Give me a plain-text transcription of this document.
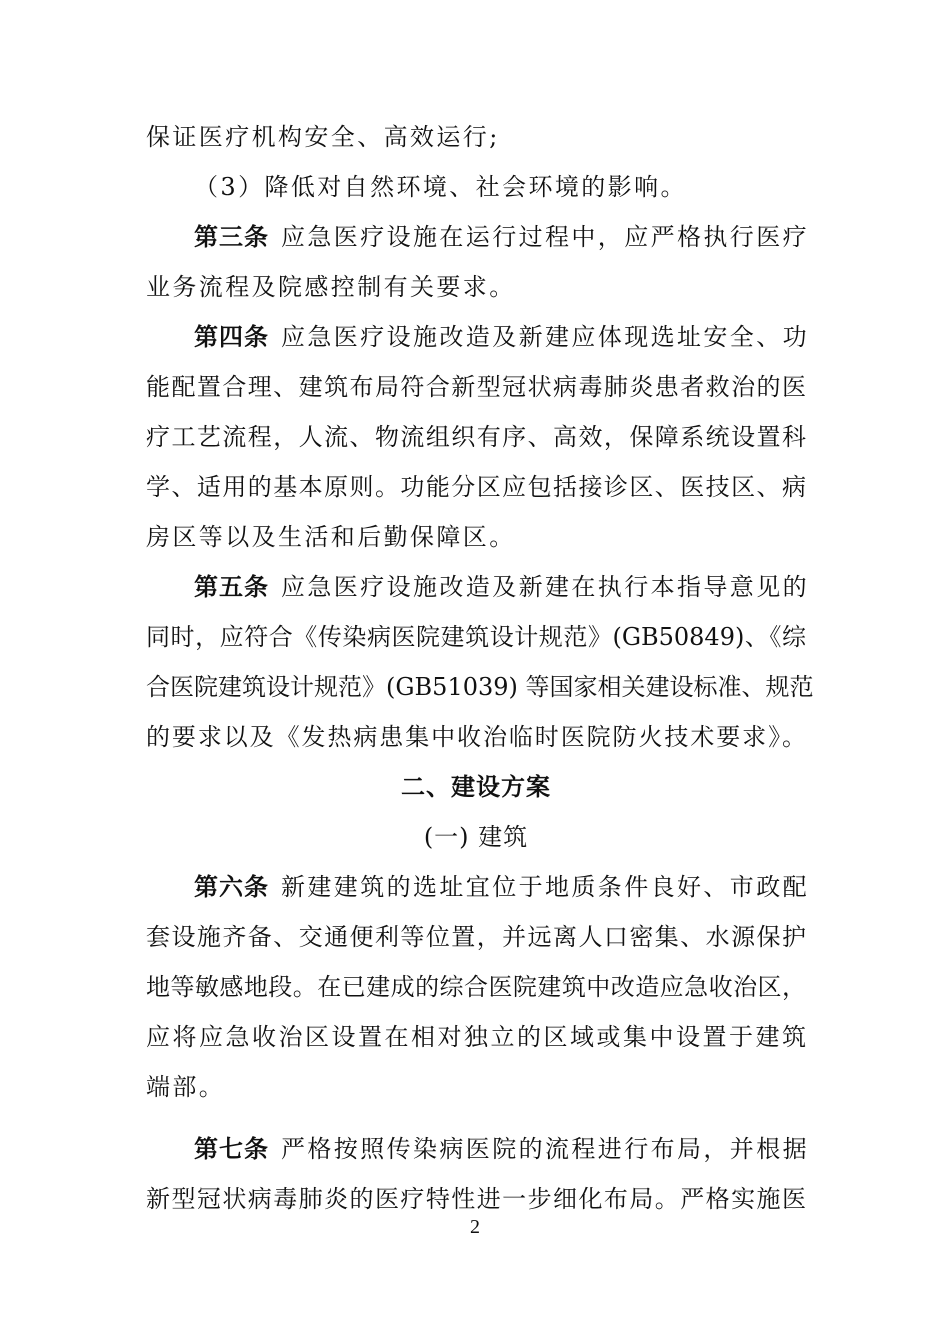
保证医疗机构安全、高效运行;

（3）降低对自然环境、社会环境的影响。

第三条 应急医疗设施在运行过程中，应严格执行医疗

业务流程及院感控制有关要求。

第四条 应急医疗设施改造及新建应体现选址安全、功

能配置合理、建筑布局符合新型冠状病毒肺炎患者救治的医

疗工艺流程，人流、物流组织有序、高效，保障系统设置科

学、适用的基本原则。功能分区应包括接诊区、医技区、病

房区等以及生活和后勤保障区。

第五条 应急医疗设施改造及新建在执行本指导意见的

同时，应符合《传染病医院建筑设计规范》(GB50849)、《综

合医院建筑设计规范》(GB51039) 等国家相关建设标准、规范

的要求以及《发热病患集中收治临时医院防火技术要求》。

二、建设方案

(一) 建筑

第六条 新建建筑的选址宜位于地质条件良好、市政配

套设施齐备、交通便利等位置，并远离人口密集、水源保护

地等敏感地段。在已建成的综合医院建筑中改造应急收治区，

应将应急收治区设置在相对独立的区域或集中设置于建筑

端部。

第七条 严格按照传染病医院的流程进行布局，并根据

新型冠状病毒肺炎的医疗特性进一步细化布局。严格实施医

2
